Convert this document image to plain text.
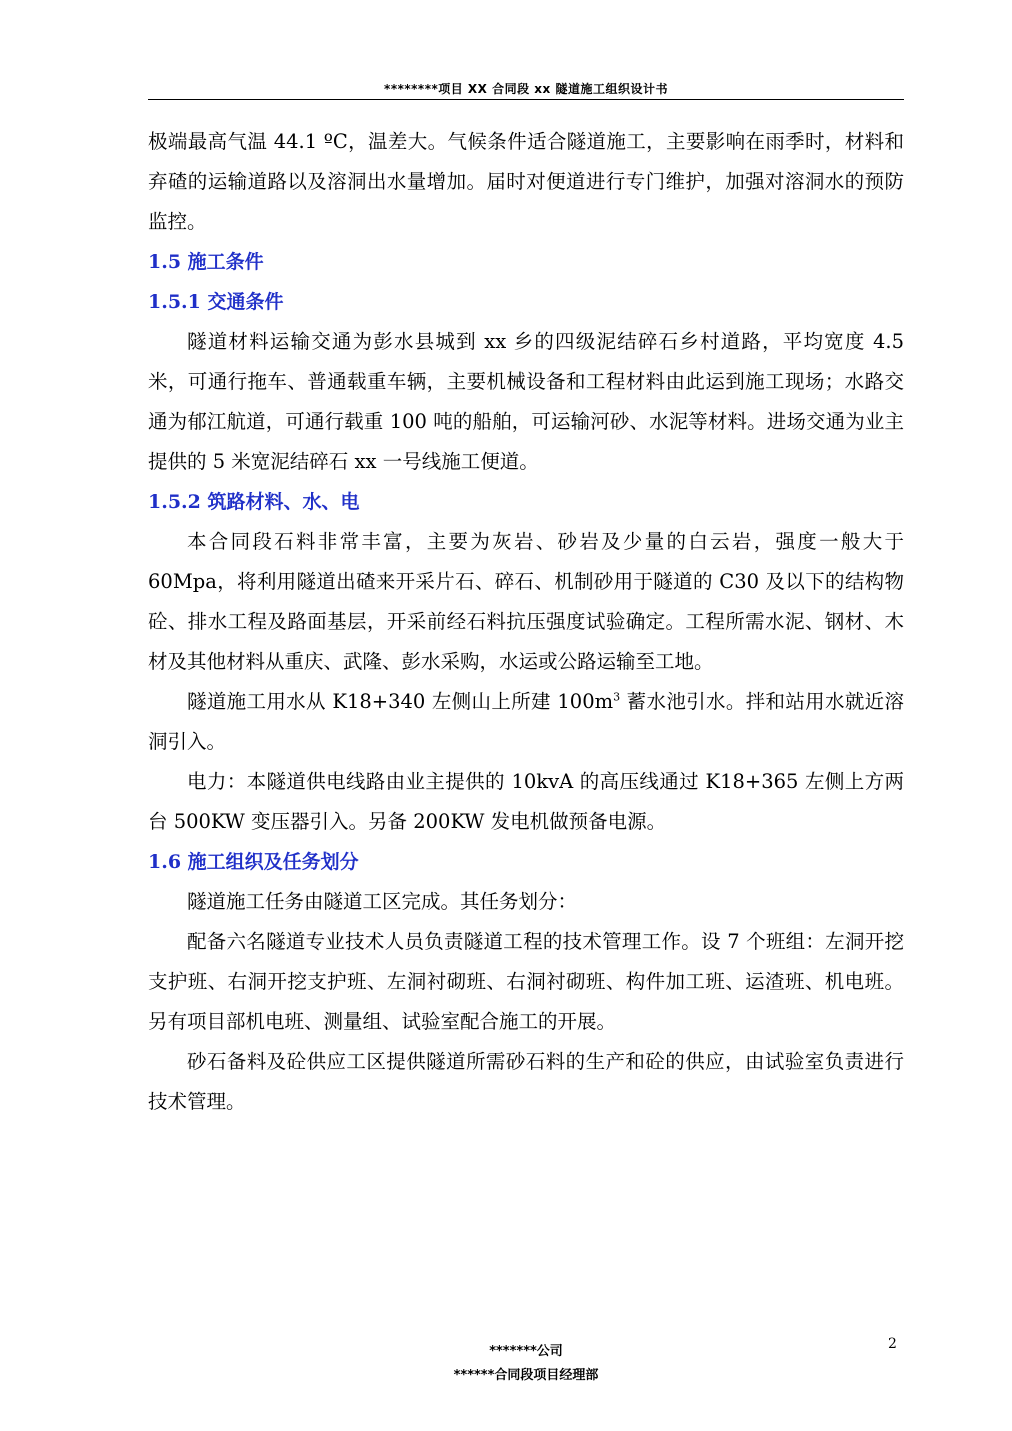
********项目 XX 合同段 xx 隧道施工组织设计书

极端最高气温 44.1 ºC，温差大。气候条件适合隧道施工，主要影响在雨季时，材料和弃碴的运输道路以及溶洞出水量增加。届时对便道进行专门维护，加强对溶洞水的预防监控。

1.5 施工条件
1.5.1 交通条件

隧道材料运输交通为彭水县城到 xx 乡的四级泥结碎石乡村道路，平均宽度 4.5 米，可通行拖车、普通载重车辆，主要机械设备和工程材料由此运到施工现场；水路交通为郁江航道，可通行载重 100 吨的船舶，可运输河砂、水泥等材料。进场交通为业主提供的 5 米宽泥结碎石 xx 一号线施工便道。

1.5.2 筑路材料、水、电

本合同段石料非常丰富，主要为灰岩、砂岩及少量的白云岩，强度一般大于 60Mpa，将利用隧道出碴来开采片石、碎石、机制砂用于隧道的 C30 及以下的结构物砼、排水工程及路面基层，开采前经石料抗压强度试验确定。工程所需水泥、钢材、木材及其他材料从重庆、武隆、彭水采购，水运或公路运输至工地。

隧道施工用水从 K18+340 左侧山上所建 $100m^3$ 蓄水池引水。拌和站用水就近溶洞引入。

电力：本隧道供电线路由业主提供的 10kvA 的高压线通过 K18+365 左侧上方两台 500KW 变压器引入。另备 200KW 发电机做预备电源。

1.6 施工组织及任务划分

隧道施工任务由隧道工区完成。其任务划分：

配备六名隧道专业技术人员负责隧道工程的技术管理工作。设 7 个班组：左洞开挖支护班、右洞开挖支护班、左洞衬砌班、右洞衬砌班、构件加工班、运渣班、机电班。另有项目部机电班、测量组、试验室配合施工的开展。

砂石备料及砼供应工区提供隧道所需砂石料的生产和砼的供应，由试验室负责进行技术管理。

2
*******公司
******合同段项目经理部
